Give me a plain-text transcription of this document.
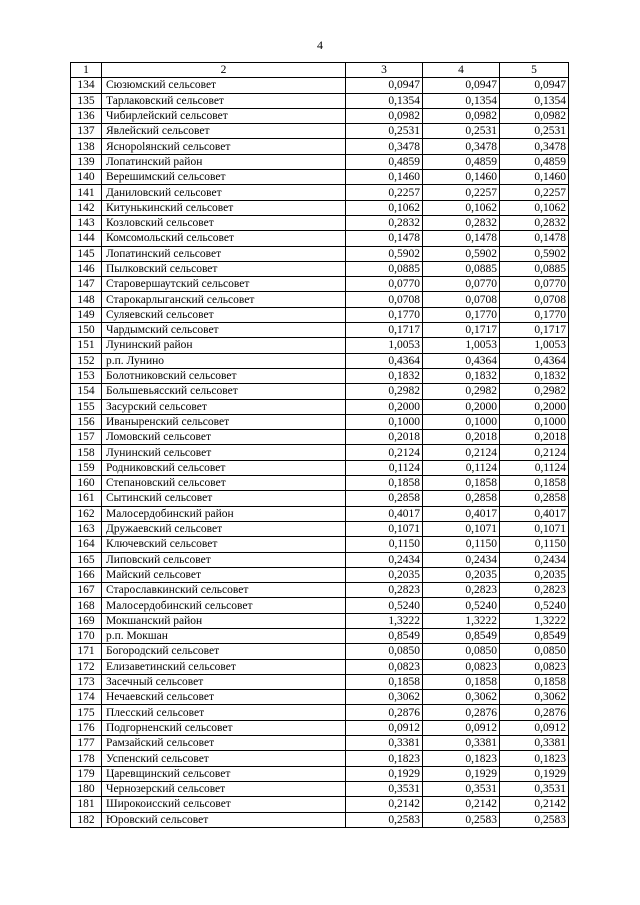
4
1	2	3	4	5
134	Сюзюмский сельсовет	0,0947	0,0947	0,0947
135	Тарлаковский сельсовет	0,1354	0,1354	0,1354
136	Чибирлейский сельсовет	0,0982	0,0982	0,0982
137	Явлейский сельсовет	0,2531	0,2531	0,2531
138	Ясноpolянский сельсовет	0,3478	0,3478	0,3478
139	Лопатинский район	0,4859	0,4859	0,4859
140	Верешимский сельсовет	0,1460	0,1460	0,1460
141	Даниловский сельсовет	0,2257	0,2257	0,2257
142	Китунькинский сельсовет	0,1062	0,1062	0,1062
143	Козловский сельсовет	0,2832	0,2832	0,2832
144	Комсомольский сельсовет	0,1478	0,1478	0,1478
145	Лопатинский сельсовет	0,5902	0,5902	0,5902
146	Пылковский сельсовет	0,0885	0,0885	0,0885
147	Старовершаутский сельсовет	0,0770	0,0770	0,0770
148	Старокарлыганский сельсовет	0,0708	0,0708	0,0708
149	Суляевский сельсовет	0,1770	0,1770	0,1770
150	Чардымский сельсовет	0,1717	0,1717	0,1717
151	Лунинский район	1,0053	1,0053	1,0053
152	р.п. Лунино	0,4364	0,4364	0,4364
153	Болотниковский сельсовет	0,1832	0,1832	0,1832
154	Большевьясский сельсовет	0,2982	0,2982	0,2982
155	Засурский сельсовет	0,2000	0,2000	0,2000
156	Иваныренский сельсовет	0,1000	0,1000	0,1000
157	Ломовский сельсовет	0,2018	0,2018	0,2018
158	Лунинский сельсовет	0,2124	0,2124	0,2124
159	Родниковский сельсовет	0,1124	0,1124	0,1124
160	Степановский сельсовет	0,1858	0,1858	0,1858
161	Сытинский сельсовет	0,2858	0,2858	0,2858
162	Малосердобинский район	0,4017	0,4017	0,4017
163	Дружаевский сельсовет	0,1071	0,1071	0,1071
164	Ключевский сельсовет	0,1150	0,1150	0,1150
165	Липовский сельсовет	0,2434	0,2434	0,2434
166	Майский сельсовет	0,2035	0,2035	0,2035
167	Старославкинский сельсовет	0,2823	0,2823	0,2823
168	Малосердобинский сельсовет	0,5240	0,5240	0,5240
169	Мокшанский район	1,3222	1,3222	1,3222
170	р.п. Мокшан	0,8549	0,8549	0,8549
171	Богородский сельсовет	0,0850	0,0850	0,0850
172	Елизаветинский сельсовет	0,0823	0,0823	0,0823
173	Засечный сельсовет	0,1858	0,1858	0,1858
174	Нечаевский сельсовет	0,3062	0,3062	0,3062
175	Плесский сельсовет	0,2876	0,2876	0,2876
176	Подгорненский сельсовет	0,0912	0,0912	0,0912
177	Рамзайский сельсовет	0,3381	0,3381	0,3381
178	Успенский сельсовет	0,1823	0,1823	0,1823
179	Царевщинский сельсовет	0,1929	0,1929	0,1929
180	Чернозерский сельсовет	0,3531	0,3531	0,3531
181	Широкоисский сельсовет	0,2142	0,2142	0,2142
182	Юровский сельсовет	0,2583	0,2583	0,2583
